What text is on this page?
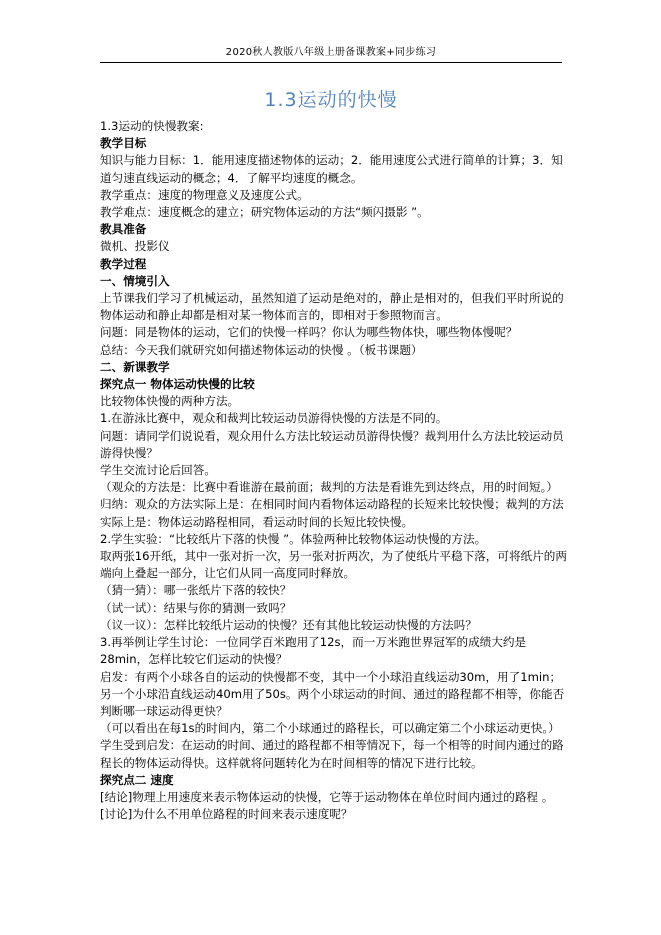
2020秋人教版八年级上册备课教案+同步练习
1.3运动的快慢

1.3运动的快慢教案:

教学目标

知识与能力目标：1．能用速度描述物体的运动；2．能用速度公式进行简单的计算；3．知道匀速直线运动的概念；4．了解平均速度的概念。

教学重点：速度的物理意义及速度公式。

教学难点：速度概念的建立；研究物体运动的方法“频闪摄影 ”。

教具准备

微机、投影仪

教学过程

一、情境引入

上节课我们学习了机械运动，虽然知道了运动是绝对的，静止是相对的，但我们平时所说的物体运动和静止却都是相对某一物体而言的，即相对于参照物而言。

问题：同是物体的运动，它们的快慢一样吗？你认为哪些物体快，哪些物体慢呢？

总结：今天我们就研究如何描述物体运动的快慢 。（板书课题）

二、新课教学

探究点一 物体运动快慢的比较

比较物体快慢的两种方法。

1.在游泳比赛中，观众和裁判比较运动员游得快慢的方法是不同的。

问题：请同学们说说看，观众用什么方法比较运动员游得快慢？裁判用什么方法比较运动员游得快慢？

学生交流讨论后回答。

（观众的方法是：比赛中看谁游在最前面；裁判的方法是看谁先到达终点，用的时间短。）

归纳：观众的方法实际上是：在相同时间内看物体运动路程的长短来比较快慢；裁判的方法实际上是：物体运动路程相同，看运动时间的长短比较快慢。

2.学生实验：“比较纸片下落的快慢 ”。体验两种比较物体运动快慢的方法。

取两张16开纸，其中一张对折一次，另一张对折两次，为了使纸片平稳下落，可将纸片的两端向上叠起一部分，让它们从同一高度同时释放。

（猜一猜）：哪一张纸片下落的较快？

（试一试）：结果与你的猜测一致吗？

（议一议）：怎样比较纸片运动的快慢？还有其他比较运动快慢的方法吗？

3.再举例让学生讨论：一位同学百米跑用了12s，而一万米跑世界冠军的成绩大约是28min，怎样比较它们运动的快慢？

启发：有两个小球各自的运动的快慢都不变，其中一个小球沿直线运动30m，用了1min；另一个小球沿直线运动40m用了50s。两个小球运动的时间、通过的路程都不相等，你能否判断哪一球运动得更快？

（可以看出在每1s的时间内，第二个小球通过的路程长，可以确定第二个小球运动更快。）

学生受到启发：在运动的时间、通过的路程都不相等情况下，每一个相等的时间内通过的路程长的物体运动得快。这样就将问题转化为在时间相等的情况下进行比较。

探究点二 速度

[结论]物理上用速度来表示物体运动的快慢，它等于运动物体在单位时间内通过的路程 。

[讨论]为什么不用单位路程的时间来表示速度呢？
